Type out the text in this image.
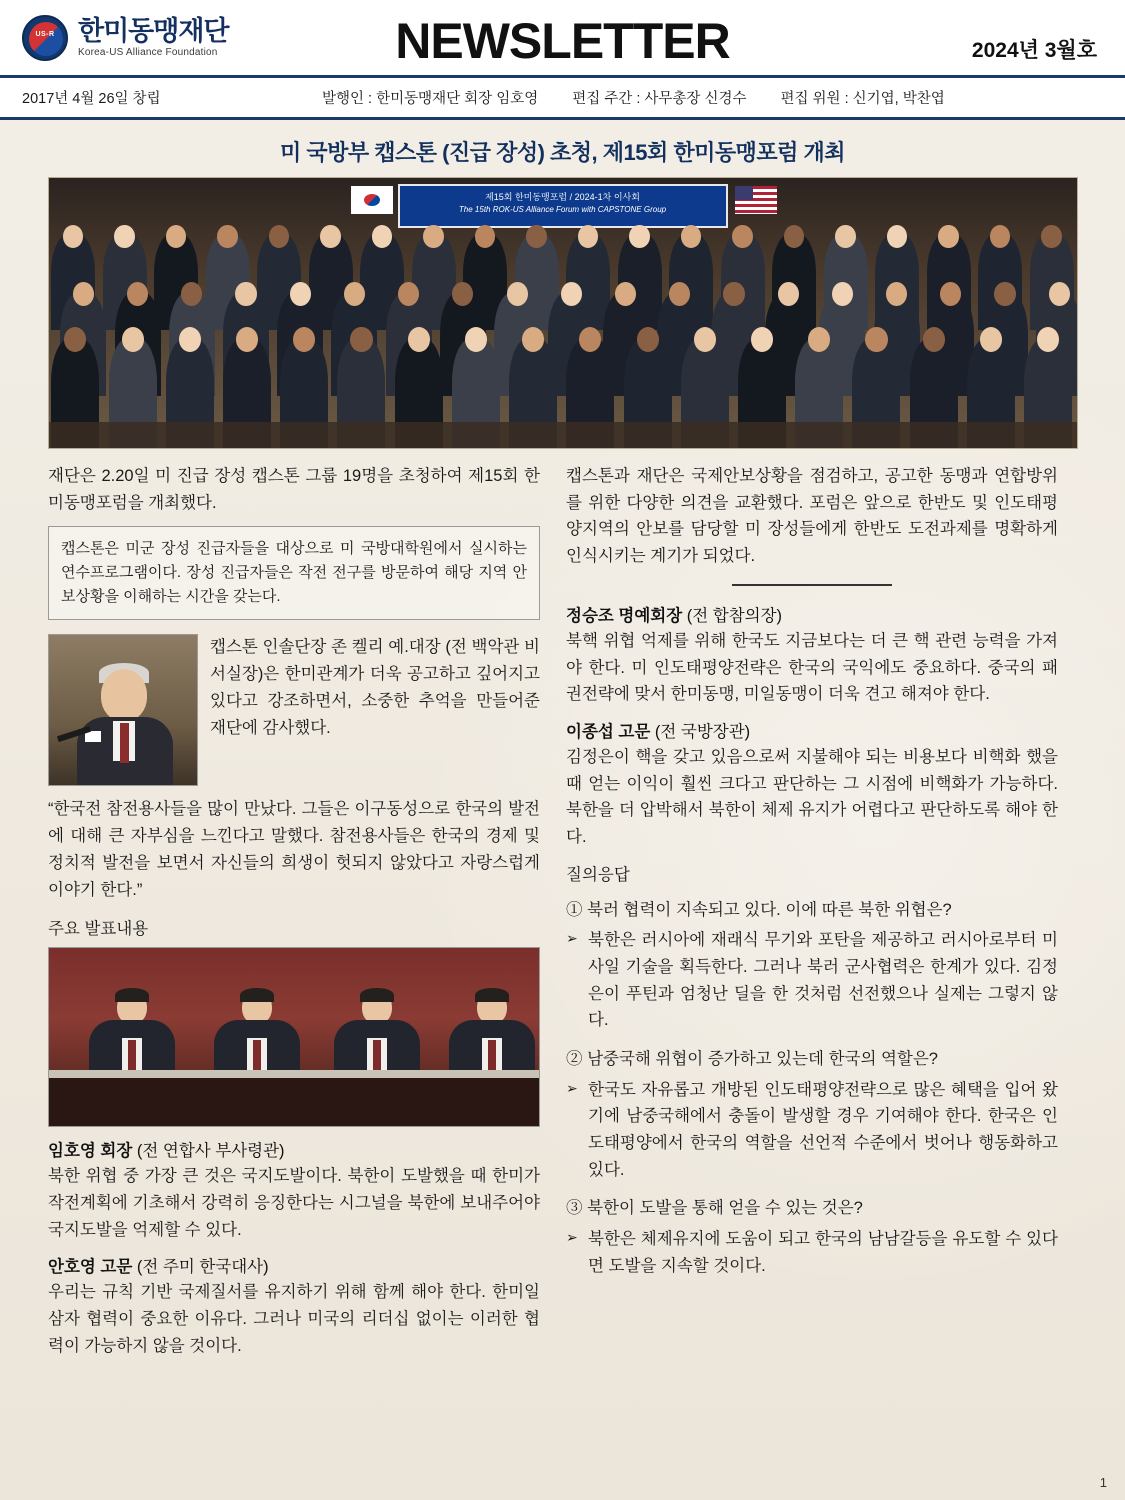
US-R
한미동맹재단
Korea-US Alliance Foundation	NEWSLETTER	2024년 3월호
2017년 4월 26일 창립	발행인 : 한미동맹재단 회장 임호영 편집 주간 : 사무총장 신경수 편집 위원 : 신기엽, 박찬엽
미 국방부 캡스톤 (진급 장성) 초청, 제15회 한미동맹포럼 개최
제15회 한미동맹포럼 / 2024-1차 이사회
The 15th ROK-US Alliance Forum with CAPSTONE Group

재단은 2.20일 미 진급 장성 캡스톤 그룹 19명을 초청하여 제15회 한미동맹포럼을 개최했다.

캡스톤은 미군 장성 진급자들을 대상으로 미 국방대학원에서 실시하는 연수프로그램이다. 장성 진급자들은 작전 전구를 방문하여 해당 지역 안보상황을 이해하는 시간을 갖는다.
캡스톤 인솔단장 존 켈리 예.대장 (전 백악관 비서실장)은 한미관계가 더욱 공고하고 깊어지고 있다고 강조하면서, 소중한 추억을 만들어준 재단에 감사했다.

“한국전 참전용사들을 많이 만났다. 그들은 이구동성으로 한국의 발전에 대해 큰 자부심을 느낀다고 말했다. 참전용사들은 한국의 경제 및 정치적 발전을 보면서 자신들의 희생이 헛되지 않았다고 자랑스럽게 이야기 한다.”

주요 발표내용
임호영 회장 (전 연합사 부사령관)

북한 위협 중 가장 큰 것은 국지도발이다. 북한이 도발했을 때 한미가 작전계획에 기초해서 강력히 응징한다는 시그널을 북한에 보내주어야 국지도발을 억제할 수 있다.

안호영 고문 (전 주미 한국대사)

우리는 규칙 기반 국제질서를 유지하기 위해 함께 해야 한다. 한미일 삼자 협력이 중요한 이유다. 그러나 미국의 리더십 없이는 이러한 협력이 가능하지 않을 것이다.

캡스톤과 재단은 국제안보상황을 점검하고, 공고한 동맹과 연합방위를 위한 다양한 의견을 교환했다. 포럼은 앞으로 한반도 및 인도태평양지역의 안보를 담당할 미 장성들에게 한반도 도전과제를 명확하게 인식시키는 계기가 되었다.

정승조 명예회장 (전 합참의장)

북핵 위협 억제를 위해 한국도 지금보다는 더 큰 핵 관련 능력을 가져야 한다. 미 인도태평양전략은 한국의 국익에도 중요하다. 중국의 패권전략에 맞서 한미동맹, 미일동맹이 더욱 견고 해져야 한다.

이종섭 고문 (전 국방장관)

김정은이 핵을 갖고 있음으로써 지불해야 되는 비용보다 비핵화 했을 때 얻는 이익이 훨씬 크다고 판단하는 그 시점에 비핵화가 가능하다. 북한을 더 압박해서 북한이 체제 유지가 어렵다고 판단하도록 해야 한다.

질의응답
① 북러 협력이 지속되고 있다. 이에 따른 북한 위협은?
➢ 북한은 러시아에 재래식 무기와 포탄을 제공하고 러시아로부터 미사일 기술을 획득한다. 그러나 북러 군사협력은 한계가 있다. 김정은이 푸틴과 엄청난 딜을 한 것처럼 선전했으나 실제는 그렇지 않다.
② 남중국해 위협이 증가하고 있는데 한국의 역할은?
➢ 한국도 자유롭고 개방된 인도태평양전략으로 많은 혜택을 입어 왔기에 남중국해에서 충돌이 발생할 경우 기여해야 한다. 한국은 인도태평양에서 한국의 역할을 선언적 수준에서 벗어나 행동화하고 있다.
③ 북한이 도발을 통해 얻을 수 있는 것은?
➢ 북한은 체제유지에 도움이 되고 한국의 남남갈등을 유도할 수 있다면 도발을 지속할 것이다.
1
